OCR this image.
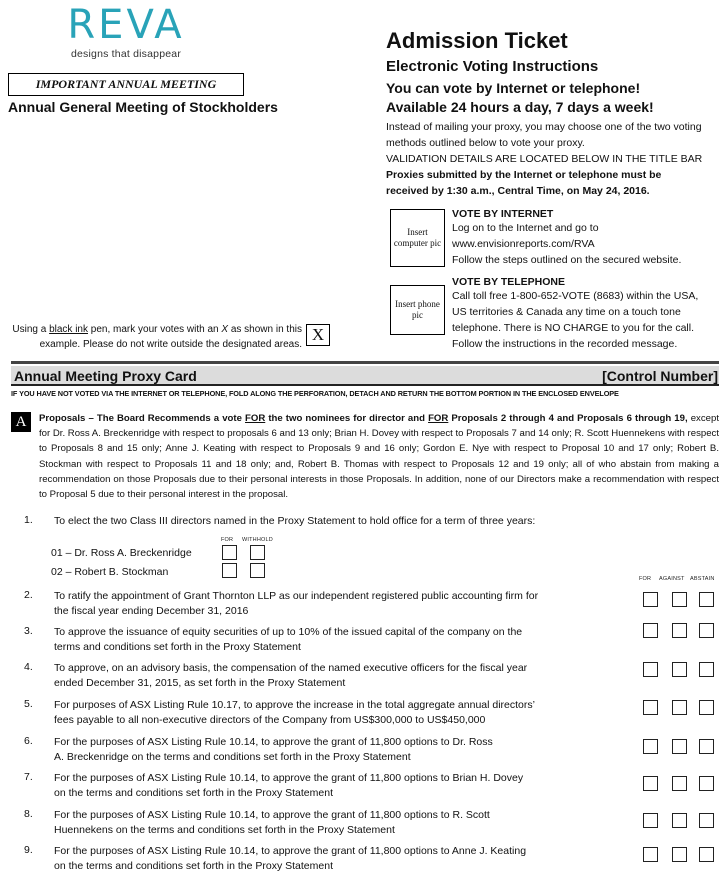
REVA
designs that disappear
IMPORTANT ANNUAL MEETING
Annual General Meeting of Stockholders
Admission Ticket
Electronic Voting Instructions
You can vote by Internet or telephone!
Available 24 hours a day, 7 days a week!
Instead of mailing your proxy, you may choose one of the two voting methods outlined below to vote your proxy.
VALIDATION DETAILS ARE LOCATED BELOW IN THE TITLE BAR
Proxies submitted by the Internet or telephone must be received by 1:30 a.m., Central Time, on May 24, 2016.
Insert computer pic
VOTE BY INTERNET
Log on to the Internet and go to
www.envisionreports.com/RVA
Follow the steps outlined on the secured website.
Insert phone pic
VOTE BY TELEPHONE
Call toll free 1-800-652-VOTE (8683) within the USA,
US territories & Canada any time on a touch tone
telephone. There is NO CHARGE to you for the call.
Follow the instructions in the recorded message.
Using a black ink pen, mark your votes with an X as shown in this example. Please do not write outside the designated areas.
X
Annual Meeting Proxy Card	[Control Number]
IF YOU HAVE NOT VOTED VIA THE INTERNET OR TELEPHONE, FOLD ALONG THE PERFORATION, DETACH AND RETURN THE BOTTOM PORTION IN THE ENCLOSED ENVELOPE
A	Proposals – The Board Recommends a vote FOR the two nominees for director and FOR Proposals 2 through 4 and Proposals 6 through 19, except for Dr. Ross A. Breckenridge with respect to proposals 6 and 13 only; Brian H. Dovey with respect to Proposals 7 and 14 only; R. Scott Huennekens with respect to Proposals 8 and 15 only; Anne J. Keating with respect to Proposals 9 and 16 only; Gordon E. Nye with respect to Proposal 10 and 17 only; Robert B. Stockman with respect to Proposals 11 and 18 only; and, Robert B. Thomas with respect to Proposals 12 and 19 only; all of who abstain from making a recommendation on those Proposals due to their personal interests in those Proposals. In addition, none of our Directors make a recommendation with respect to Proposal 5 due to their personal interest in the proposal.
1. To elect the two Class III directors named in the Proxy Statement to hold office for a term of three years:
FOR WITHHOLD
01 – Dr. Ross A. Breckenridge
02 – Robert B. Stockman
FOR AGAINST ABSTAIN
2. To ratify the appointment of Grant Thornton LLP as our independent registered public accounting firm for
the fiscal year ending December 31, 2016
3. To approve the issuance of equity securities of up to 10% of the issued capital of the company on the
terms and conditions set forth in the Proxy Statement
4. To approve, on an advisory basis, the compensation of the named executive officers for the fiscal year
ended December 31, 2015, as set forth in the Proxy Statement
5. For purposes of ASX Listing Rule 10.17, to approve the increase in the total aggregate annual directors’
fees payable to all non-executive directors of the Company from US$300,000 to US$450,000
6. For the purposes of ASX Listing Rule 10.14, to approve the grant of 11,800 options to Dr. Ross
A. Breckenridge on the terms and conditions set forth in the Proxy Statement
7. For the purposes of ASX Listing Rule 10.14, to approve the grant of 11,800 options to Brian H. Dovey
on the terms and conditions set forth in the Proxy Statement
8. For the purposes of ASX Listing Rule 10.14, to approve the grant of 11,800 options to R. Scott
Huennekens on the terms and conditions set forth in the Proxy Statement
9. For the purposes of ASX Listing Rule 10.14, to approve the grant of 11,800 options to Anne J. Keating
on the terms and conditions set forth in the Proxy Statement
